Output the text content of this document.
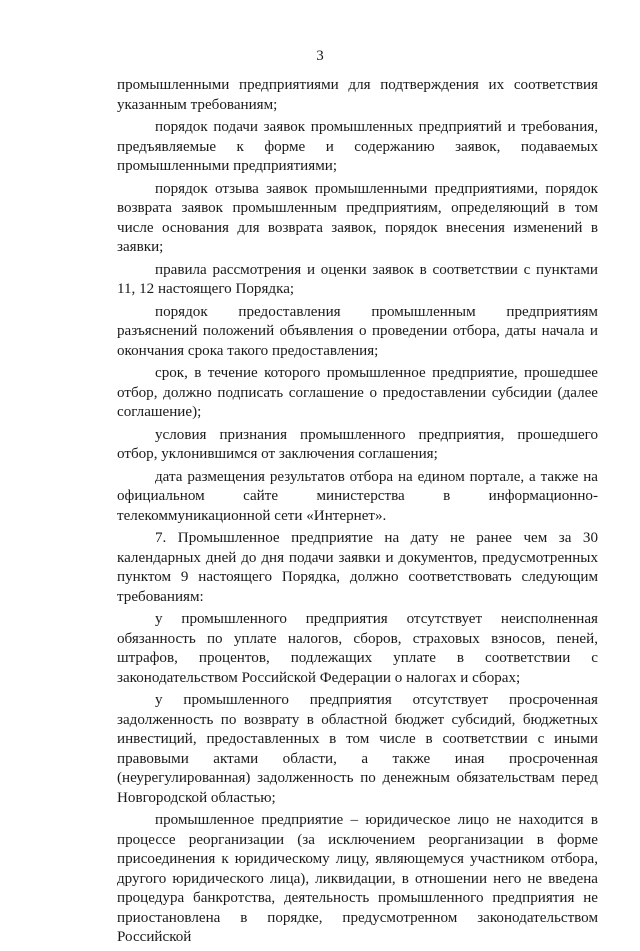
3

промышленными предприятиями для подтверждения их соответствия указанным требованиям;

порядок подачи заявок промышленных предприятий и требования, предъявляемые к форме и содержанию заявок, подаваемых промышленными предприятиями;

порядок отзыва заявок промышленными предприятиями, порядок возврата заявок промышленным предприятиям, определяющий в том числе основания для возврата заявок, порядок внесения изменений в заявки;

правила рассмотрения и оценки заявок в соответствии с пунктами 11, 12 настоящего Порядка;

порядок предоставления промышленным предприятиям разъяснений положений объявления о проведении отбора, даты начала и окончания срока такого предоставления;

срок, в течение которого промышленное предприятие, прошедшее отбор, должно подписать соглашение о предоставлении субсидии (далее соглашение);

условия признания промышленного предприятия, прошедшего отбор, уклонившимся от заключения соглашения;

дата размещения результатов отбора на едином портале, а также на официальном сайте министерства в информационно-телекоммуникационной сети «Интернет».

7. Промышленное предприятие на дату не ранее чем за 30 календарных дней до дня подачи заявки и документов, предусмотренных пунктом 9 настоящего Порядка, должно соответствовать следующим требованиям:

у промышленного предприятия отсутствует неисполненная обязанность по уплате налогов, сборов, страховых взносов, пеней, штрафов, процентов, подлежащих уплате в соответствии с законодательством Российской Федерации о налогах и сборах;

у промышленного предприятия отсутствует просроченная задолженность по возврату в областной бюджет субсидий, бюджетных инвестиций, предоставленных в том числе в соответствии с иными правовыми актами области, а также иная просроченная (неурегулированная) задолженность по денежным обязательствам перед Новгородской областью;

промышленное предприятие – юридическое лицо не находится в процессе реорганизации (за исключением реорганизации в форме присоединения к юридическому лицу, являющемуся участником отбора, другого юридического лица), ликвидации, в отношении него не введена процедура банкротства, деятельность промышленного предприятия не приостановлена в порядке, предусмотренном законодательством Российской
